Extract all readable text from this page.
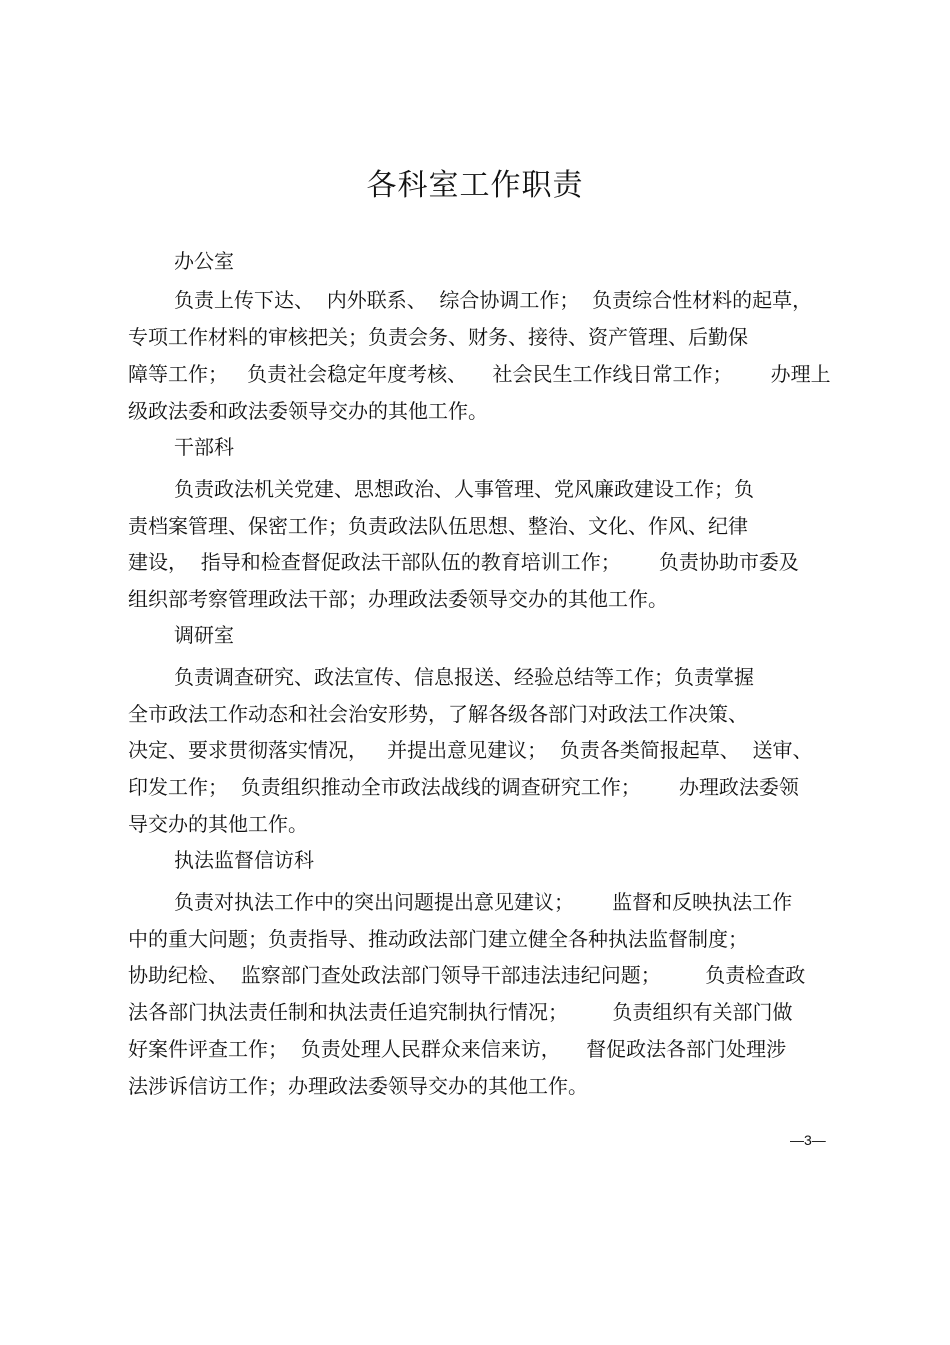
各科室工作职责
办公室
负责上传下达、  内外联系、  综合协调工作；  负责综合性材料的起草，
专项工作材料的审核把关；负责会务、财务、接待、资产管理、后勤保
障等工作；   负责社会稳定年度考核、    社会民生工作线日常工作；      办理上
级政法委和政法委领导交办的其他工作。
干部科
负责政法机关党建、思想政治、人事管理、党风廉政建设工作；负
责档案管理、保密工作；负责政法队伍思想、整治、文化、作风、纪律
建设，  指导和检查督促政法干部队伍的教育培训工作；      负责协助市委及
组织部考察管理政法干部；办理政法委领导交办的其他工作。
调研室
负责调查研究、政法宣传、信息报送、经验总结等工作；负责掌握
全市政法工作动态和社会治安形势，了解各级各部门对政法工作决策、
决定、要求贯彻落实情况，   并提出意见建议；  负责各类简报起草、  送审、
印发工作；  负责组织推动全市政法战线的调查研究工作；      办理政法委领
导交办的其他工作。
执法监督信访科
负责对执法工作中的突出问题提出意见建议；      监督和反映执法工作
中的重大问题；负责指导、推动政法部门建立健全各种执法监督制度；
协助纪检、  监察部门查处政法部门领导干部违法违纪问题；       负责检查政
法各部门执法责任制和执法责任追究制执行情况；       负责组织有关部门做
好案件评查工作；  负责处理人民群众来信来访，    督促政法各部门处理涉
法涉诉信访工作；办理政法委领导交办的其他工作。
—3—
